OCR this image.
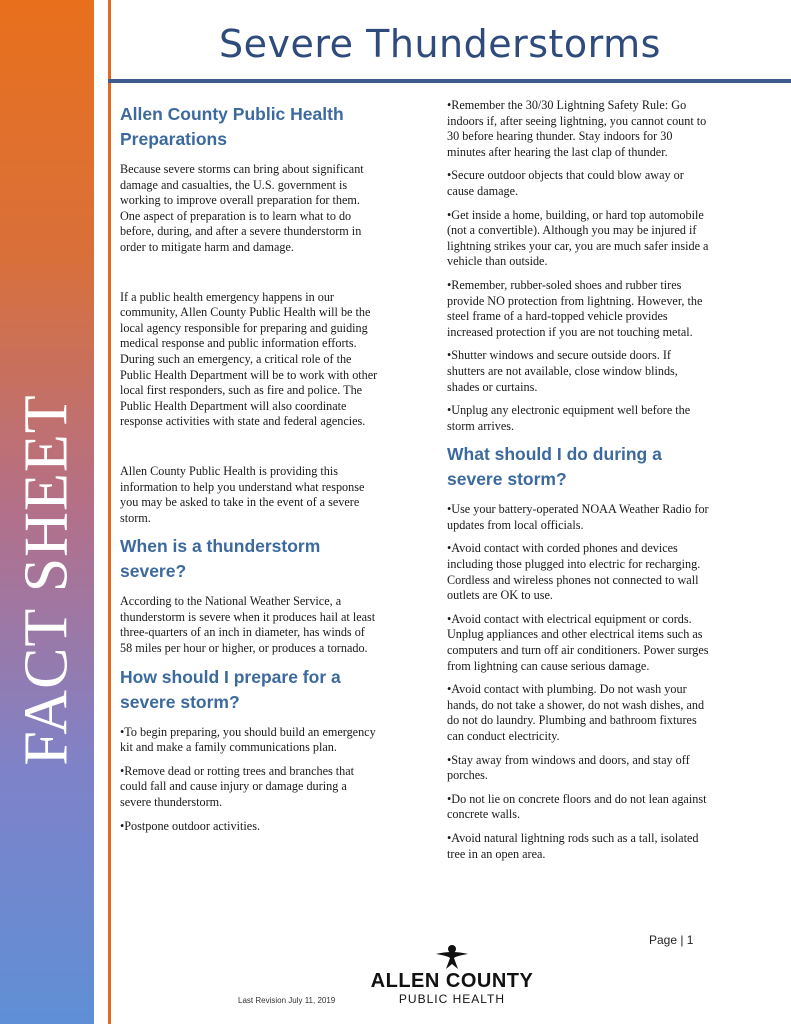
FACT SHEET
Severe Thunderstorms
Allen County Public Health Preparations

Because severe storms can bring about significant damage and casualties, the U.S. government is working to improve overall preparation for them. One aspect of preparation is to learn what to do before, during, and after a severe thunderstorm in order to mitigate harm and damage.

If a public health emergency happens in our community, Allen County Public Health will be the local agency responsible for preparing and guiding medical response and public information efforts. During such an emergency, a critical role of the Public Health Department will be to work with other local first responders, such as fire and police. The Public Health Department will also coordinate response activities with state and federal agencies.

Allen County Public Health is providing this information to help you understand what response you may be asked to take in the event of a severe storm.

When is a thunderstorm severe?

According to the National Weather Service, a thunderstorm is severe when it produces hail at least three-quarters of an inch in diameter, has winds of 58 miles per hour or higher, or produces a tornado.

How should I prepare for a severe storm?

•To begin preparing, you should build an emergency kit and make a family communications plan.

•Remove dead or rotting trees and branches that could fall and cause injury or damage during a severe thunderstorm.

•Postpone outdoor activities.

•Remember the 30/30 Lightning Safety Rule: Go indoors if, after seeing lightning, you cannot count to 30 before hearing thunder. Stay indoors for 30 minutes after hearing the last clap of thunder.

•Secure outdoor objects that could blow away or cause damage.

•Get inside a home, building, or hard top automobile (not a convertible). Although you may be injured if lightning strikes your car, you are much safer inside a vehicle than outside.

•Remember, rubber-soled shoes and rubber tires provide NO protection from lightning. However, the steel frame of a hard-topped vehicle provides increased protection if you are not touching metal.

•Shutter windows and secure outside doors. If shutters are not available, close window blinds, shades or curtains.

•Unplug any electronic equipment well before the storm arrives.

What should I do during a severe storm?

•Use your battery-operated NOAA Weather Radio for updates from local officials.

•Avoid contact with corded phones and devices including those plugged into electric for recharging. Cordless and wireless phones not connected to wall outlets are OK to use.

•Avoid contact with electrical equipment or cords. Unplug appliances and other electrical items such as computers and turn off air conditioners. Power surges from lightning can cause serious damage.

•Avoid contact with plumbing. Do not wash your hands, do not take a shower, do not wash dishes, and do not do laundry. Plumbing and bathroom fixtures can conduct electricity.

•Stay away from windows and doors, and stay off porches.

•Do not lie on concrete floors and do not lean against concrete walls.

•Avoid natural lightning rods such as a tall, isolated tree in an open area.

Page | 1
ALLEN COUNTY
PUBLIC HEALTH
Last Revision July 11, 2019
